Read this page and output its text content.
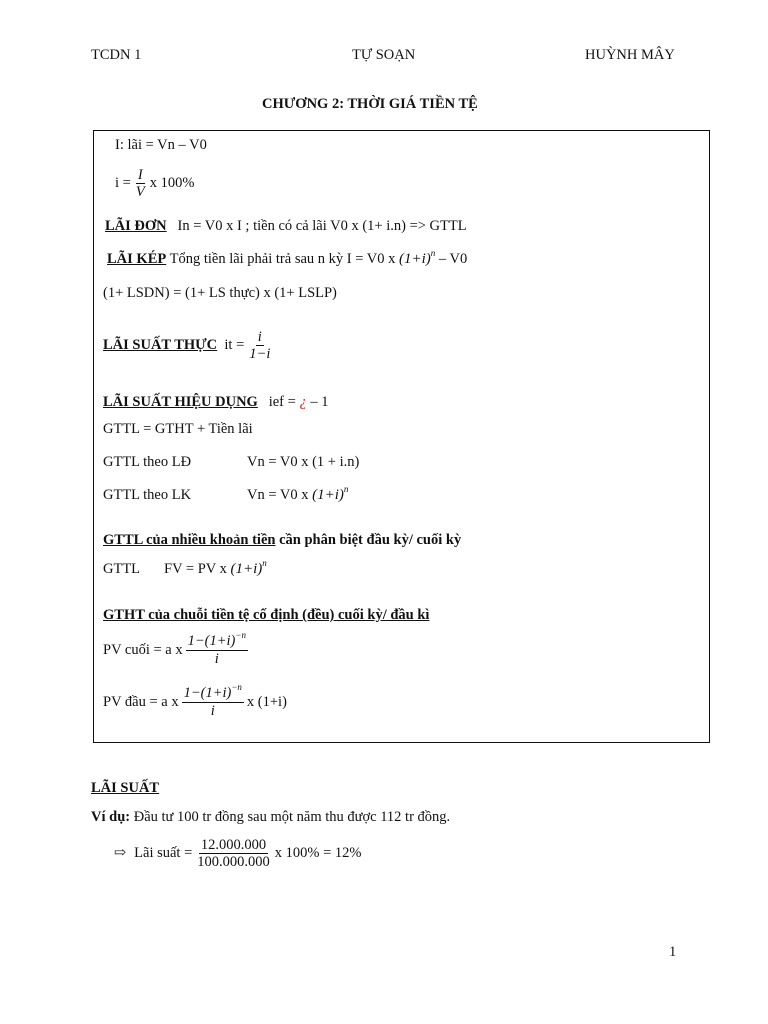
TCDN 1	TỰ SOẠN	HUỲNH MÂY
CHƯƠNG 2: THỜI GIÁ TIỀN TỆ
I: lãi = Vn – V0
$i = \frac{I}{V}$ x 100%
LÃI ĐƠN In = V0 x I ; tiền có cả lãi V0 x (1+ i.n) => GTTL
LÃI KÉP Tổng tiền lãi phải trả sau n kỳ I = V0 x $(1+i)^n - V0$
(1+ LSDN) = (1+ LS thực) x (1+ LSLP)
LÃI SUẤT THỰC
it = $\frac{i}{1-i}$
LÃI SUẤT HIỆU DỤNG ief = ¿ – 1
GTTL = GTHT + Tiền lãi
GTTL theo LĐ	Vn = V0 x (1 + i.n)
GTTL theo LK	Vn = V0 x $(1+i)^n$
GTTL của nhiều khoản tiền cần phân biệt đầu kỳ/ cuối kỳ
GTTL FV = PV x $(1+i)^n$
GTHT của chuỗi tiền tệ cố định (đều) cuối kỳ/ đầu kì
PV cuối = a x $\frac{1-(1+i)^{-n}}{i}$
PV đầu = a x $\frac{1-(1+i)^{-n}}{i}$ x (1+i)
LÃI SUẤT
Ví dụ: Đầu tư 100 tr đồng sau một năm thu được 112 tr đồng.
⇨ Lãi suất = $\frac{12.000.000}{100.000.000}$ x 100% = 12%
1
